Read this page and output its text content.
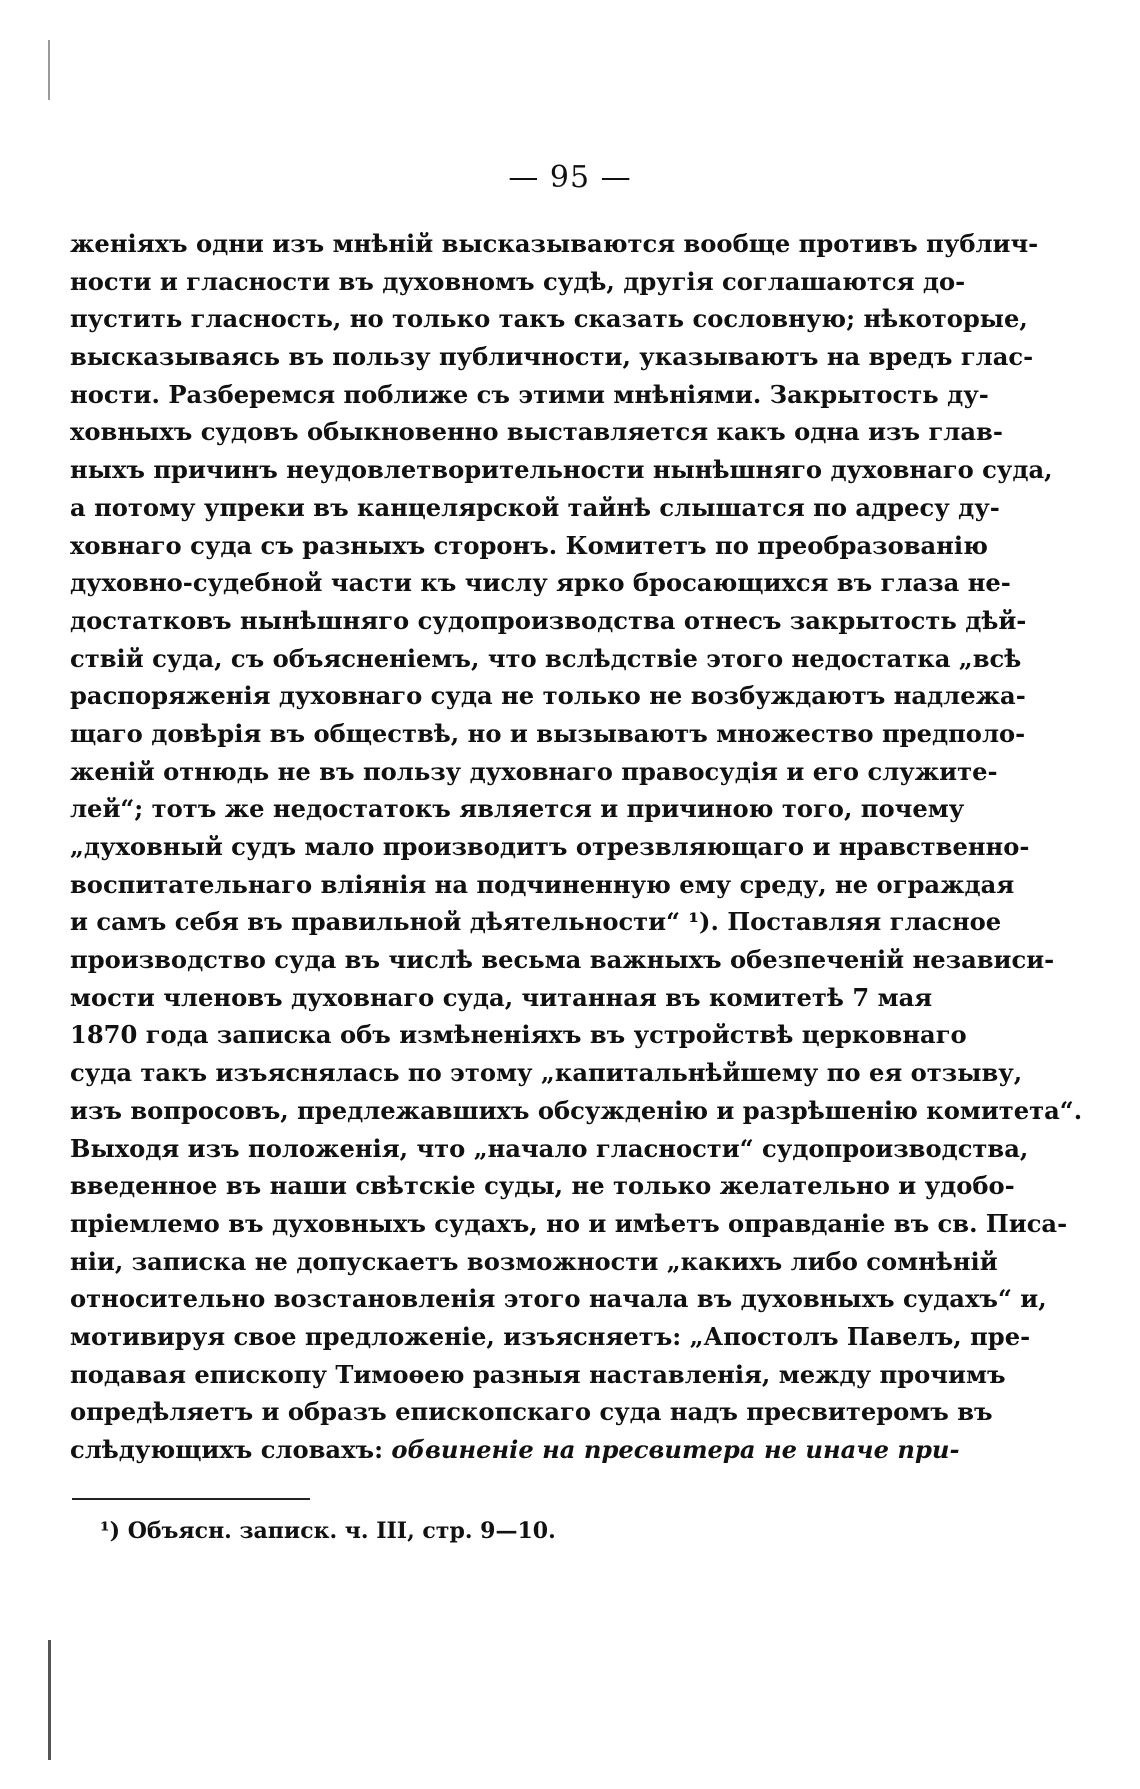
— 95 —
женіяхъ одни изъ мнѣній высказываются вообще противъ публич-
ности и гласности въ духовномъ судѣ, другія соглашаются до-
пустить гласность, но только такъ сказать сословную; нѣкоторые,
высказываясь въ пользу публичности, указываютъ на вредъ глас-
ности. Разберемся поближе съ этими мнѣніями. Закрытость ду-
ховныхъ судовъ обыкновенно выставляется какъ одна изъ глав-
ныхъ причинъ неудовлетворительности нынѣшняго духовнаго суда,
а потому упреки въ канцелярской тайнѣ слышатся по адресу ду-
ховнаго суда съ разныхъ сторонъ. Комитетъ по преобразованію
духовно-судебной части къ числу ярко бросающихся въ глаза не-
достатковъ нынѣшняго судопроизводства отнесъ закрытость дѣй-
ствій суда, съ объясненіемъ, что вслѣдствіе этого недостатка „всѣ
распоряженія духовнаго суда не только не возбуждаютъ надлежа-
щаго довѣрія въ обществѣ, но и вызываютъ множество предполо-
женій отнюдь не въ пользу духовнаго правосудія и его служите-
лей“; тотъ же недостатокъ является и причиною того, почему
„духовный судъ мало производитъ отрезвляющаго и нравственно-
воспитательнаго вліянія на подчиненную ему среду, не ограждая
и самъ себя въ правильной дѣятельности“ ¹). Поставляя гласное
производство суда въ числѣ весьма важныхъ обезпеченій независи-
мости членовъ духовнаго суда, читанная въ комитетѣ 7 мая
1870 года записка объ измѣненіяхъ въ устройствѣ церковнаго
суда такъ изъяснялась по этому „капитальнѣйшему по ея отзыву,
изъ вопросовъ, предлежавшихъ обсужденію и разрѣшенію комитета“.
Выходя изъ положенія, что „начало гласности“ судопроизводства,
введенное въ наши свѣтскіе суды, не только желательно и удобо-
пріемлемо въ духовныхъ судахъ, но и имѣетъ оправданіе въ св. Писа-
ніи, записка не допускаетъ возможности „какихъ либо сомнѣній
относительно возстановленія этого начала въ духовныхъ судахъ“ и,
мотивируя свое предложеніе, изъясняетъ: „Апостолъ Павелъ, пре-
подавая епископу Тимоѳею разныя наставленія, между прочимъ
опредѣляетъ и образъ епископскаго суда надъ пресвитеромъ въ
слѣдующихъ словахъ: обвиненіе на пресвитера не иначе при-
¹) Объясн. записк. ч. III, стр. 9—10.
